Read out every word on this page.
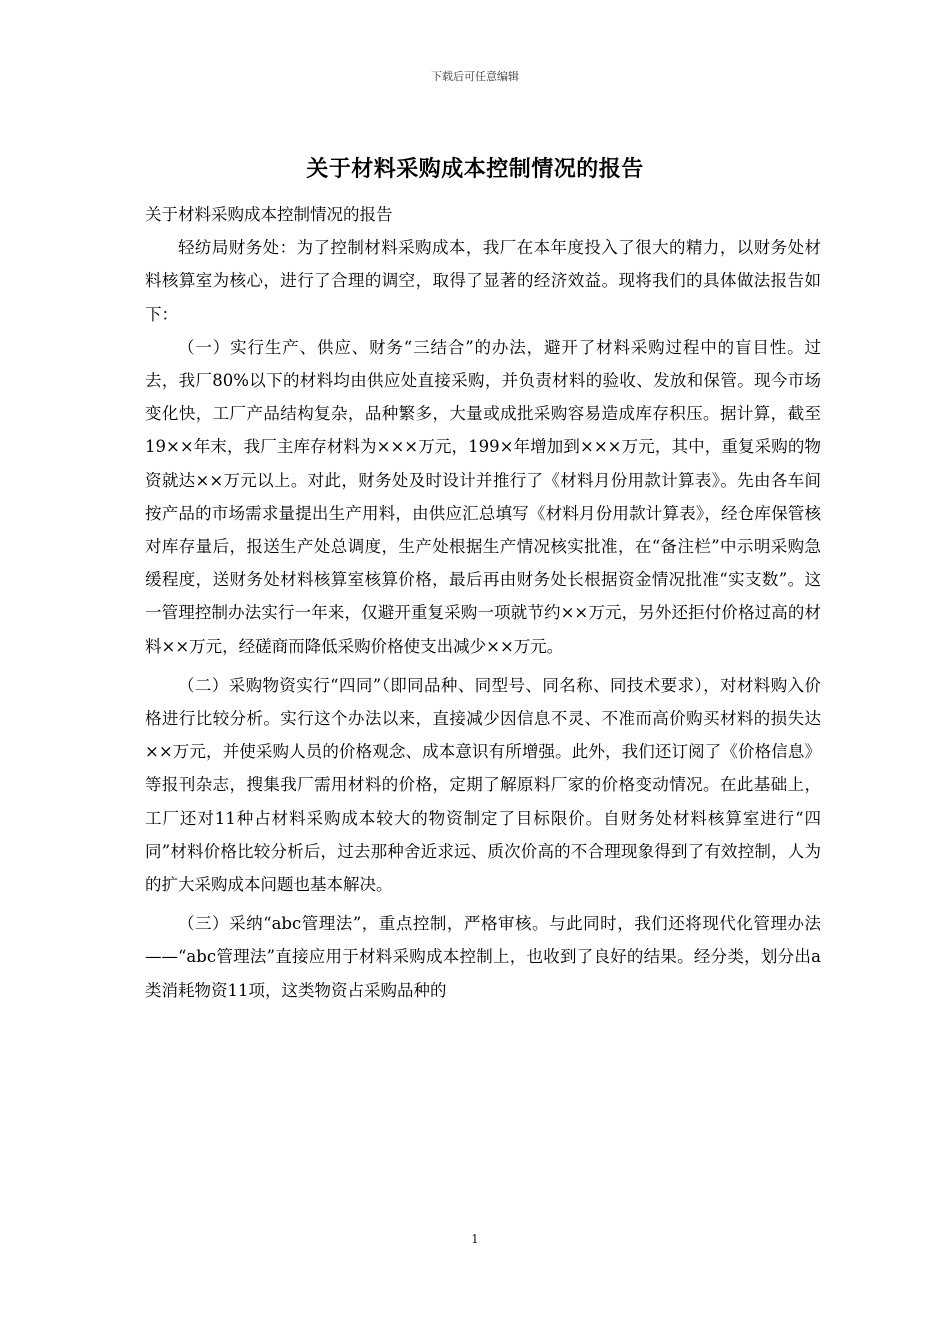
下载后可任意编辑
关于材料采购成本控制情况的报告

关于材料采购成本控制情况的报告

轻纺局财务处：为了控制材料采购成本，我厂在本年度投入了很大的精力，以财务处材料核算室为核心，进行了合理的调空，取得了显著的经济效益。现将我们的具体做法报告如下：

（一）实行生产、供应、财务“三结合”的办法，避开了材料采购过程中的盲目性。过去，我厂80%以下的材料均由供应处直接采购，并负责材料的验收、发放和保管。现今市场变化快，工厂产品结构复杂，品种繁多，大量或成批采购容易造成库存积压。据计算，截至19××年末，我厂主库存材料为×××万元，199×年增加到×××万元，其中，重复采购的物资就达××万元以上。对此，财务处及时设计并推行了《材料月份用款计算表》。先由各车间按产品的市场需求量提出生产用料，由供应汇总填写《材料月份用款计算表》，经仓库保管核对库存量后，报送生产处总调度，生产处根据生产情况核实批准，在“备注栏”中示明采购急缓程度，送财务处材料核算室核算价格，最后再由财务处长根据资金情况批准“实支数”。这一管理控制办法实行一年来，仅避开重复采购一项就节约××万元，另外还拒付价格过高的材料××万元，经磋商而降低采购价格使支出减少××万元。

（二）采购物资实行“四同”（即同品种、同型号、同名称、同技术要求），对材料购入价格进行比较分析。实行这个办法以来，直接减少因信息不灵、不准而高价购买材料的损失达××万元，并使采购人员的价格观念、成本意识有所增强。此外，我们还订阅了《价格信息》等报刊杂志，搜集我厂需用材料的价格，定期了解原料厂家的价格变动情况。在此基础上，工厂还对11种占材料采购成本较大的物资制定了目标限价。自财务处材料核算室进行“四同”材料价格比较分析后，过去那种舍近求远、质次价高的不合理现象得到了有效控制，人为的扩大采购成本问题也基本解决。

（三）采纳“abc管理法”，重点控制，严格审核。与此同时，我们还将现代化管理办法——“abc管理法”直接应用于材料采购成本控制上，也收到了良好的结果。经分类，划分出a类消耗物资11项，这类物资占采购品种的

1
